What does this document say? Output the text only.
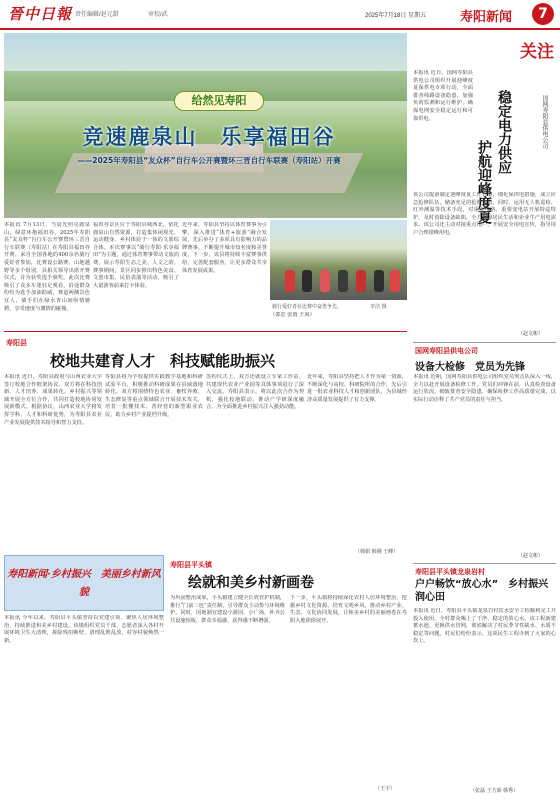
晉中日報 责任编辑/赵元甜	审校/武	2025年7月18日 星期五	寿阳新闻	7
给然见寿阳
竞速鹿泉山　乐享福田谷
——2025年寿阳县“友众杯”自行车公开赛暨环三晋自行车联赛（寿阳站）开赛
本报讯 7月13日，当晨光照亮鹿泉山，绿意环抱福田谷，2025年寿阳县“友众杯”自行车公开赛暨环三晋自行车联赛（寿阳站）在寿阳县福田谷开赛。来自全国各地的400余名骑行爱好者参加，比赛设公路赛、山地越野等多个组别。县相关领导出席开赛仪式，并为获奖选手颁奖。此次比赛吸引了众多车迷驻足观看，沿途群众纷纷为选手加油助威，赛道两侧景色宜人，骑手们在绿水青山间纵情驰骋，享受速度与激情的碰撞。
福田谷景区位于寿阳县城西北，依托鹿泉山自然资源，打造集休闲观光、运动健身、乡村体验于一体的文旅综合体。本次赛事以“骑行寿阳·乐享福田”为主题，通过体育赛事带动文旅消费，展示寿阳生态之美、人文之韵。赛事期间，景区同步推出特色美食、文创市集、民俗表演等活动，吸引了大量游客前来打卡体验。
近年来，寿阳县坚持以体育赛事为引擎，深入推进“体育+旅游”融合发展，先后举办了多项具有影响力的品牌赛事，不断提升城市知名度和美誉度。下一步，该县将持续丰富赛事供给，完善配套服务，让更多群众共享体育发展成果。
骑行爱好者在比赛中奋勇争先。	李洁 摄
（郭思 张雨 王海）
寿阳县
校地共建育人才　科技赋能助振兴
本报讯 近日，寿阳县政府与山西农业大学签订校地合作框架协议。双方将在科技创新、人才培养、成果转化、乡村振兴等领域开展全方位合作，共同打造校地协同发展新模式。根据协议，山西农业大学将发挥学科、人才和科研优势，为寿阳县农业产业发展提供技术指导和智力支持。
寿阳县将为学校提供实践教学基地和科研试验平台，积极推动科研成果在县域落地转化。双方将围绕特色农业、畜牧养殖、生态修复等重点领域联合开展技术攻关，培育一批懂技术、善经营的新型职业农民，助力乡村产业提档升级。
签约仪式上，双方还就设立专家工作站、共建现代农业产业园等具体事项进行了深入交流。寿阳县表示，将以此次合作为契机，强化校地联动，推动产学研深度融合，为全面推进乡村振兴注入强劲动能。
近年来，寿阳县坚持把人才作为第一资源，不断深化与高校、科研院所的合作，先后引进一批农业科技人才和创新团队，为县域经济高质量发展提供了有力支撑。
（韩娟 韩刚 王峰）
寿阳新闻·乡村振兴　美丽乡村新风貌
寿阳县平头镇
绘就和美乡村新画卷
本报讯 今年以来，寿阳县平头镇坚持以党建引领，聚焦人居环境整治，持续推进和美乡村建设。该镇组织党员干部、志愿者深入各村开展环境卫生大清理，拆除残垣断壁、清理乱堆乱放，村容村貌焕然一新。
为巩固整治成果，平头镇建立健全长效管护机制，推行“门前三包”责任制，引导群众主动参与环境维护。同时，因地制宜建设小游园、小广场，补齐公共设施短板，群众幸福感、获得感不断增强。
下一步，平头镇将持续深化农村人居环境整治，挖掘乡村文化资源，培育文明乡风，推动乡村产业、生态、文化协同发展，让和美乡村的美丽画卷在寿阳大地徐徐展开。
（王宇）
关注
稳定电力供应
护航迎峰度夏
国网寿阳县供电公司
本报讯 近日，国网寿阳县供电公司组织开展迎峰度夏保供电专项行动，全面排查线路设备隐患，加强负荷监测和运行维护，确保电网安全稳定运行和可靠供电。
该公司提前制定迎峰度夏工作方案，细化保供电措施，成立应急抢修队伍，储备充足的抢修物资。同时，运用无人机巡检、红外测温等技术手段，对重点线路、重要变电站开展特巡特护，及时消除设备缺陷，全力保障居民生活和企业生产用电需求。该公司还主动对接重点用户，开展安全用电宣传，指导用户合理错峰用电。
（赵文彬）
国网寿阳县供电公司
设备大检修　党员为先锋
本报讯 近期，国网寿阳县供电公司组织党员突击队深入一线，全力以赴开展设备检修工作。党员们冲锋在前，认真检查设备运行状况，细致排查安全隐患，确保检修工作高质量完成，以实际行动诠释了共产党员的责任与担当。
（赵文彬）
寿阳县平头镇龙泉岩村
户户畅饮“放心水”　乡村振兴润心田
本报讯 近日，寿阳县平头镇龙泉岩村饮水安全工程顺利完工并投入使用，全村群众喝上了干净、稳定的放心水。该工程新建蓄水池、更换供水管网，彻底解决了村民季节性缺水、水质不稳定等问题。村民们纷纷表示，这项民生工程办到了大家的心坎上。
（张磊 王方新 韩秀）
